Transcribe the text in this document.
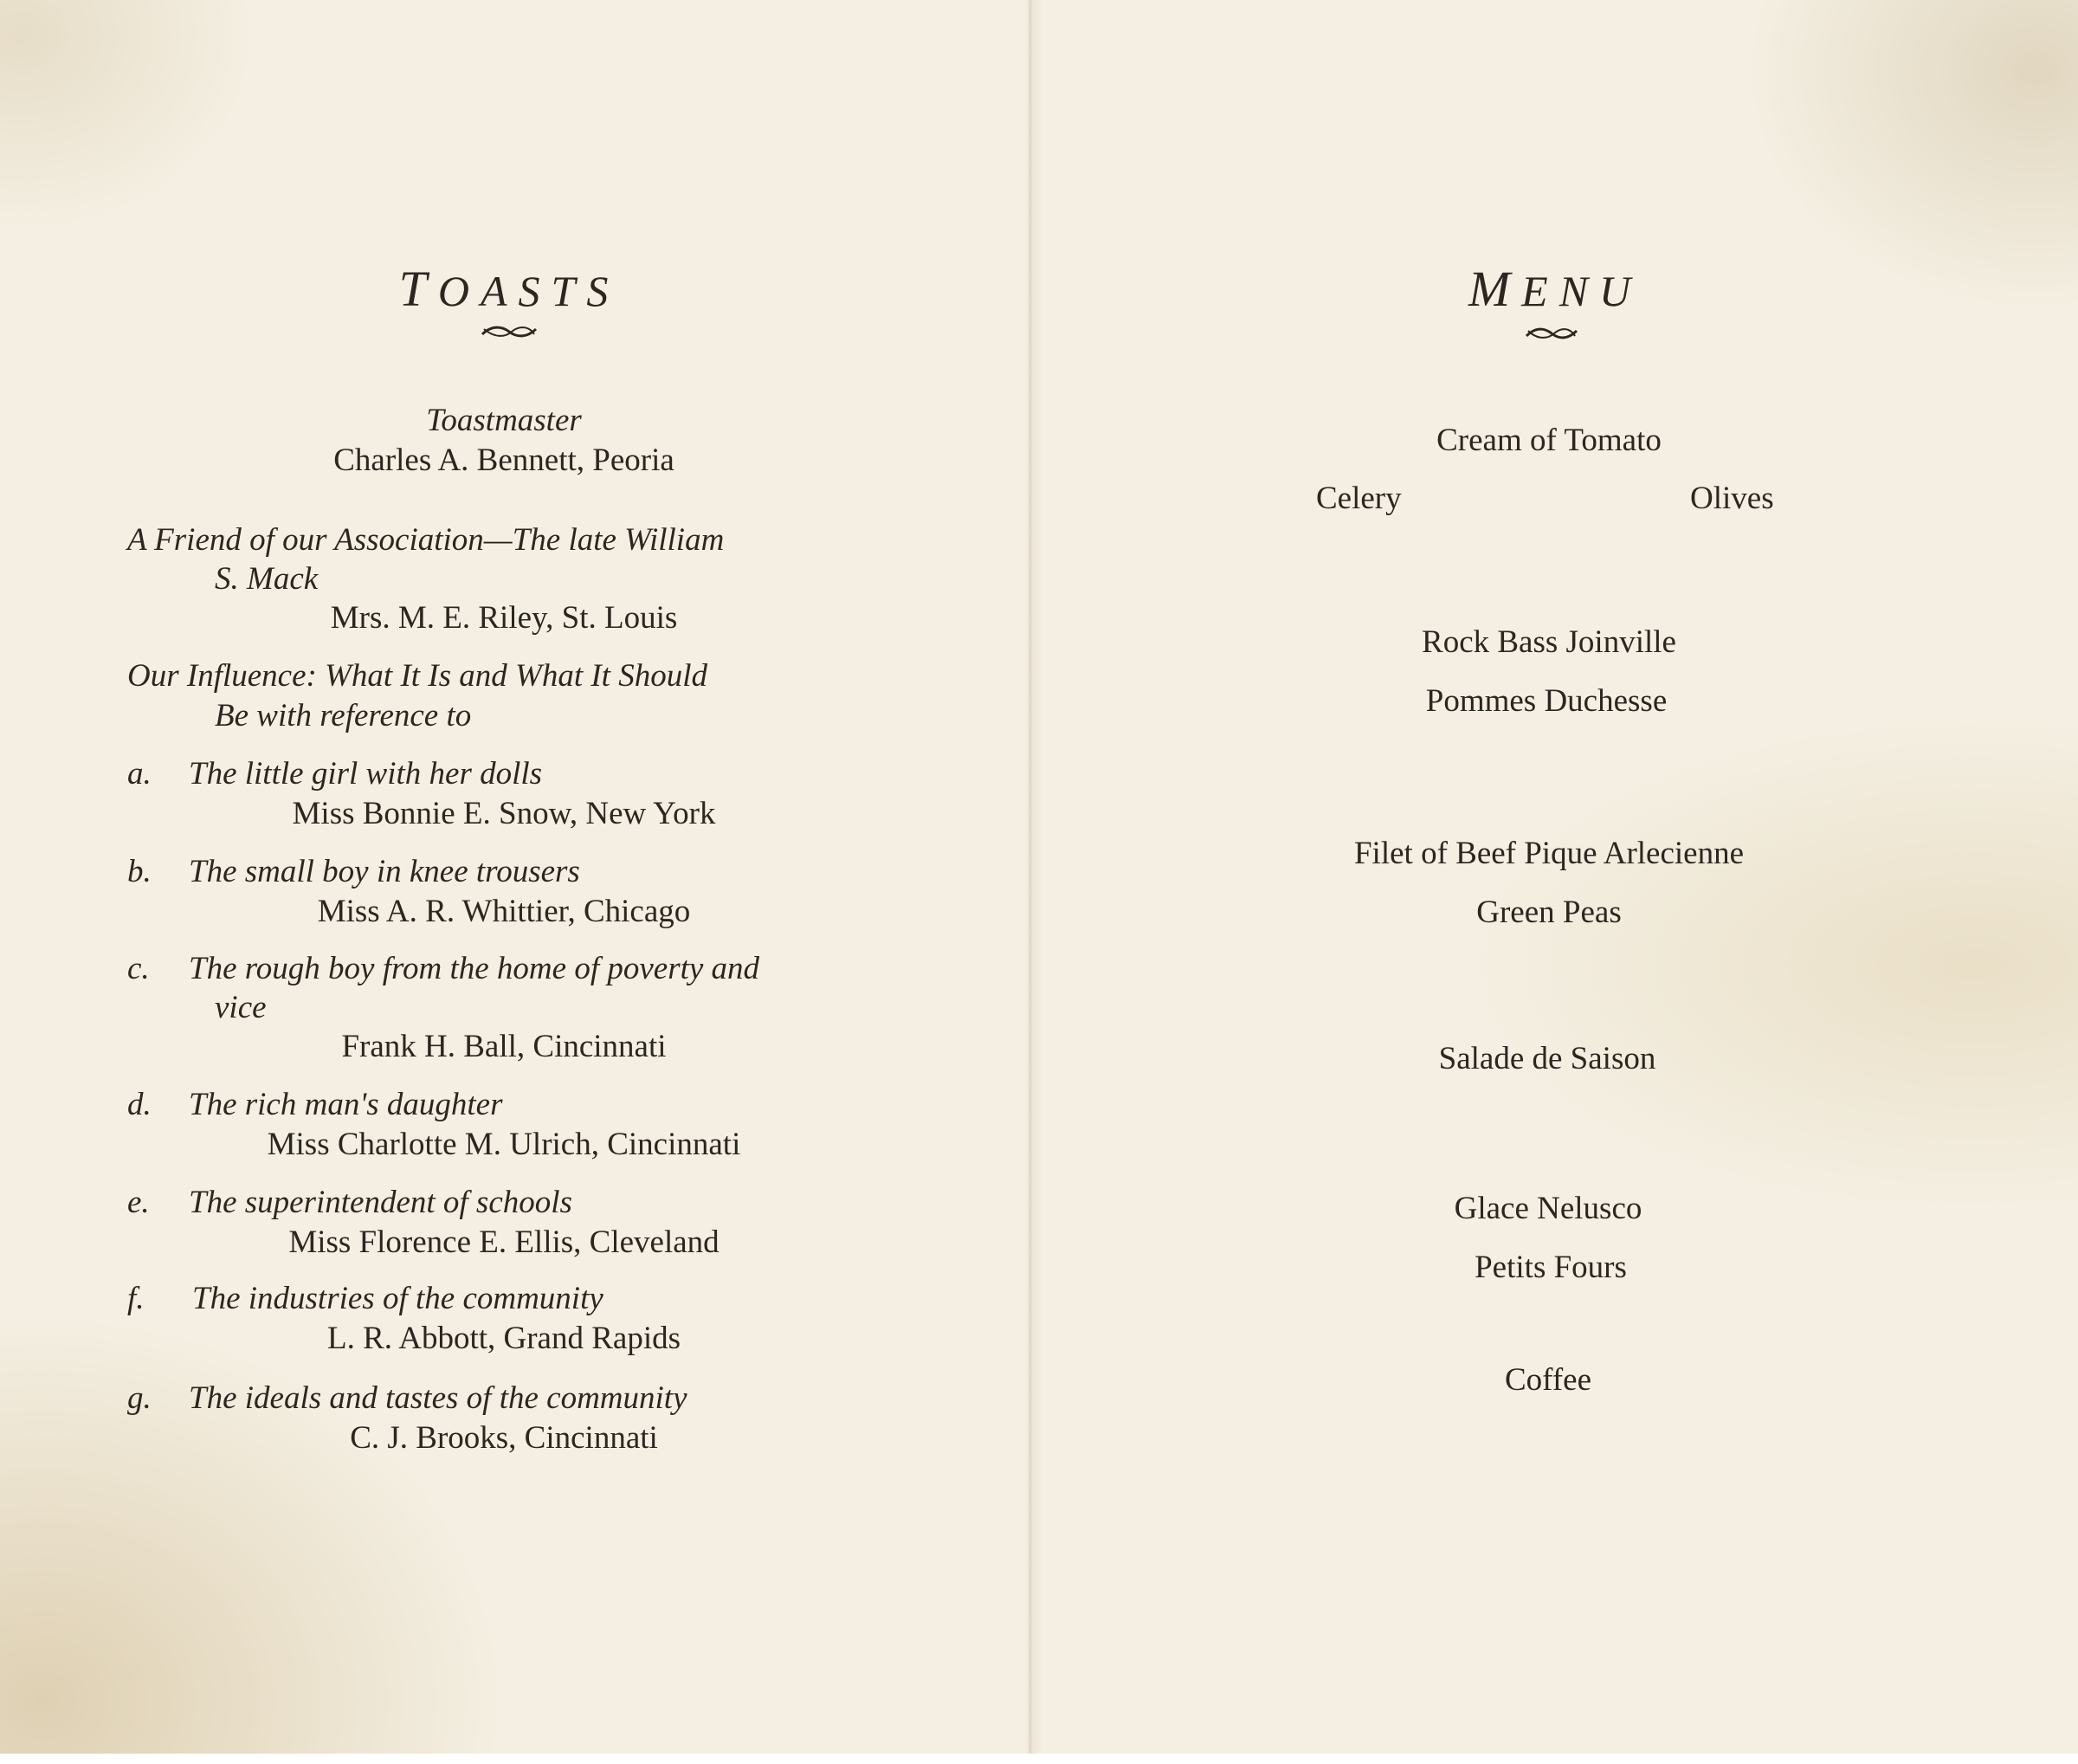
TOASTS
Toastmaster
Charles A. Bennett, Peoria
A Friend of our Association—The late William
S. Mack
Mrs. M. E. Riley, St. Louis
Our Influence: What It Is and What It Should
Be with reference to
a. The little girl with her dolls
Miss Bonnie E. Snow, New York
b. The small boy in knee trousers
Miss A. R. Whittier, Chicago
c. The rough boy from the home of poverty and
vice
Frank H. Ball, Cincinnati
d. The rich man's daughter
Miss Charlotte M. Ulrich, Cincinnati
e. The superintendent of schools
Miss Florence E. Ellis, Cleveland
f. The industries of the community
L. R. Abbott, Grand Rapids
g. The ideals and tastes of the community
C. J. Brooks, Cincinnati
MENU
Cream of Tomato
Celery	Olives
Rock Bass Joinville
Pommes Duchesse
Filet of Beef Pique Arlecienne
Green Peas
Salade de Saison
Glace Nelusco
Petits Fours
Coffee
